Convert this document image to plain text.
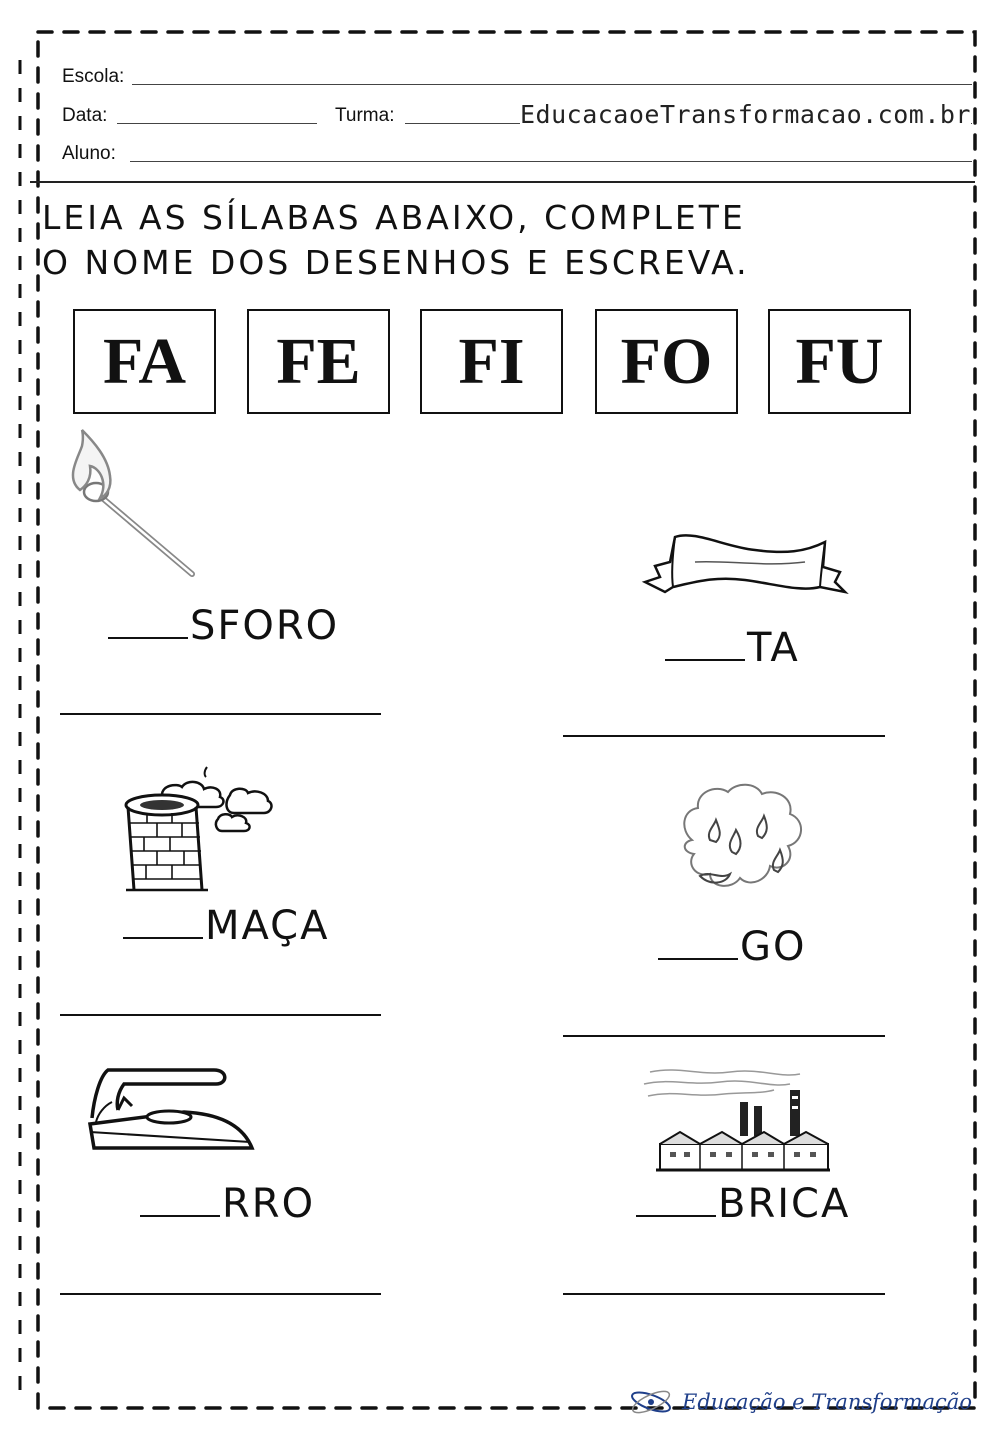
Escola:
Data:	Turma:	EducacaoeTransformacao.com.br
Aluno:
LEIA AS SÍLABAS ABAIXO, COMPLETE
O NOME DOS DESENHOS E ESCREVA.
FA FE FI FO FU
SFORO	TA
MAÇA	GO
RRO	BRICA
Educação e Transformação
